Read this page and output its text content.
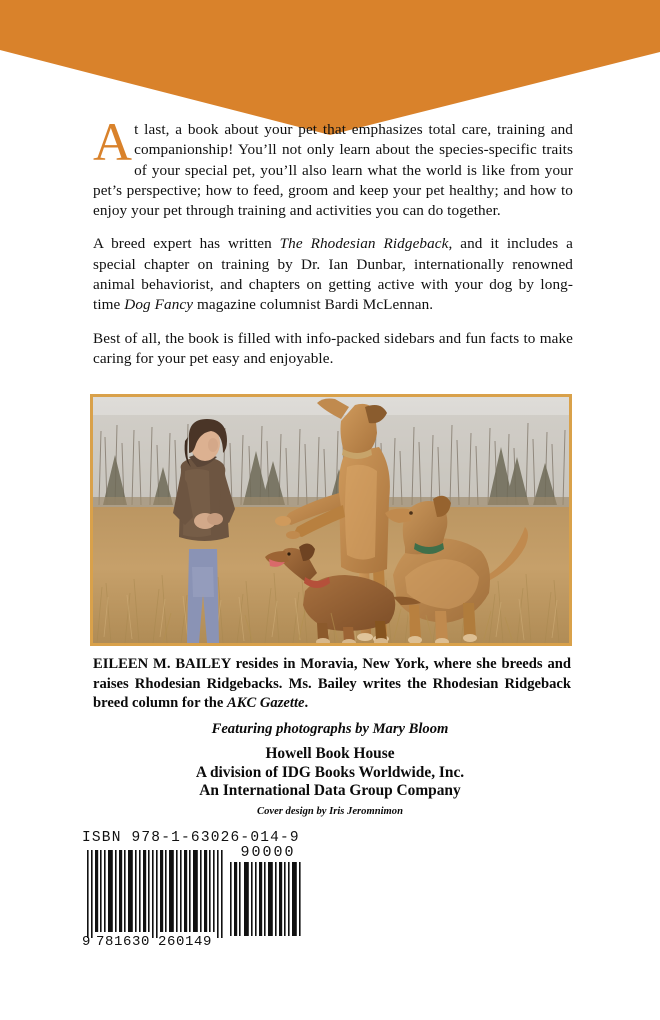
At last, a book about your pet that emphasizes total care, training and companionship! You’ll not only learn about the species-specific traits of your special pet, you’ll also learn what the world is like from your pet’s perspective; how to feed, groom and keep your pet healthy; and how to enjoy your pet through training and activities you can do together.

A breed expert has written The Rhodesian Ridgeback, and it includes a special chapter on training by Dr. Ian Dunbar, internationally renowned animal behaviorist, and chapters on getting active with your dog by long-time Dog Fancy magazine columnist Bardi McLennan.

Best of all, the book is filled with info-packed sidebars and fun facts to make caring for your pet easy and enjoyable.

EILEEN M. BAILEY resides in Moravia, New York, where she breeds and raises Rhodesian Ridgebacks. Ms. Bailey writes the Rhodesian Ridgeback breed column for the AKC Gazette.
Featuring photographs by Mary Bloom
Howell Book House
A division of IDG Books Worldwide, Inc.
An International Data Group Company
Cover design by Iris Jeromnimon
ISBN 978-1-63026-014-9
9 781630 260149
90000
